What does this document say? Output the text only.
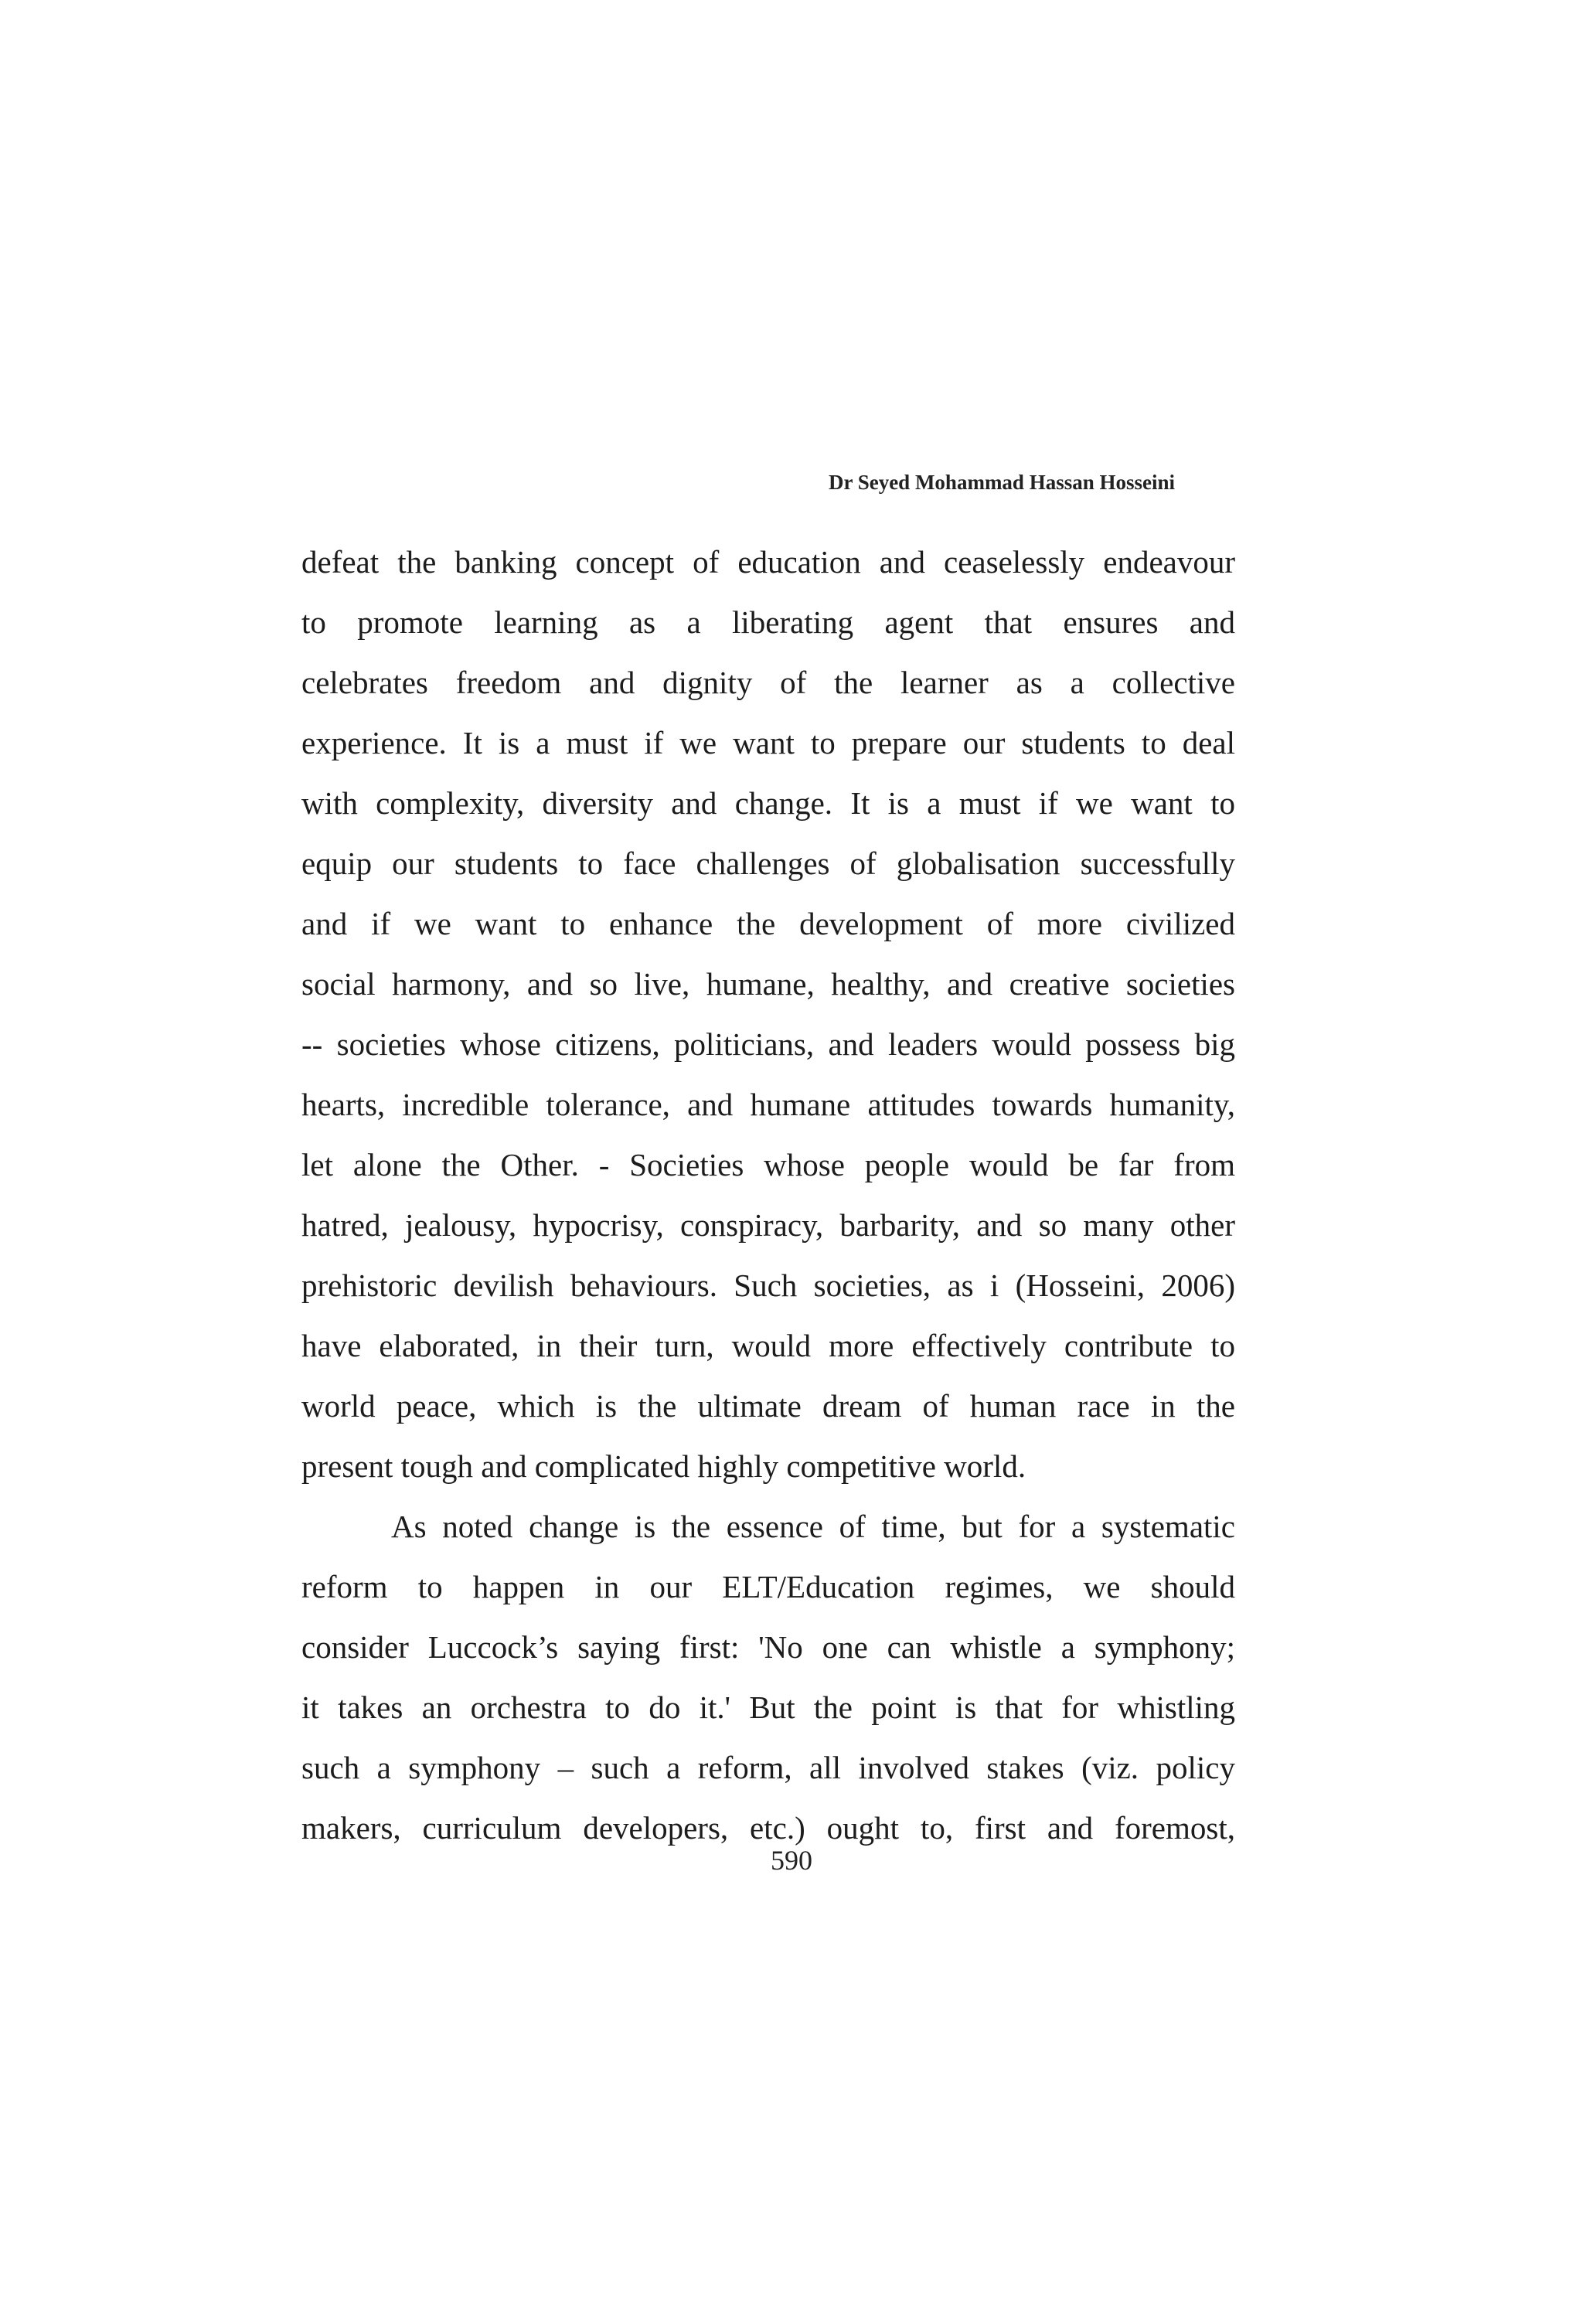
Dr Seyed Mohammad Hassan Hosseini
defeat the banking concept of education and ceaselessly endeavour
to promote learning as a liberating agent that ensures and
celebrates freedom and dignity of the learner as a collective
experience. It is a must if we want to prepare our students to deal
with complexity, diversity and change. It is a must if we want to
equip our students to face challenges of globalisation successfully
and if we want to enhance the development of more civilized
social harmony, and so live, humane, healthy, and creative societies
-- societies whose citizens, politicians, and leaders would possess big
hearts, incredible tolerance, and humane attitudes towards humanity,
let alone the Other. - Societies whose people would be far from
hatred, jealousy, hypocrisy, conspiracy, barbarity, and so many other
prehistoric devilish behaviours. Such societies, as i (Hosseini, 2006)
have elaborated, in their turn, would more effectively contribute to
world peace, which is the ultimate dream of human race in the
present tough and complicated highly competitive world.
As noted change is the essence of time, but for a systematic
reform to happen in our ELT/Education regimes, we should
consider Luccock’s saying first: 'No one can whistle a symphony;
it takes an orchestra to do it.' But the point is that for whistling
such a symphony – such a reform, all involved stakes (viz. policy
makers, curriculum developers, etc.) ought to, first and foremost,
590
